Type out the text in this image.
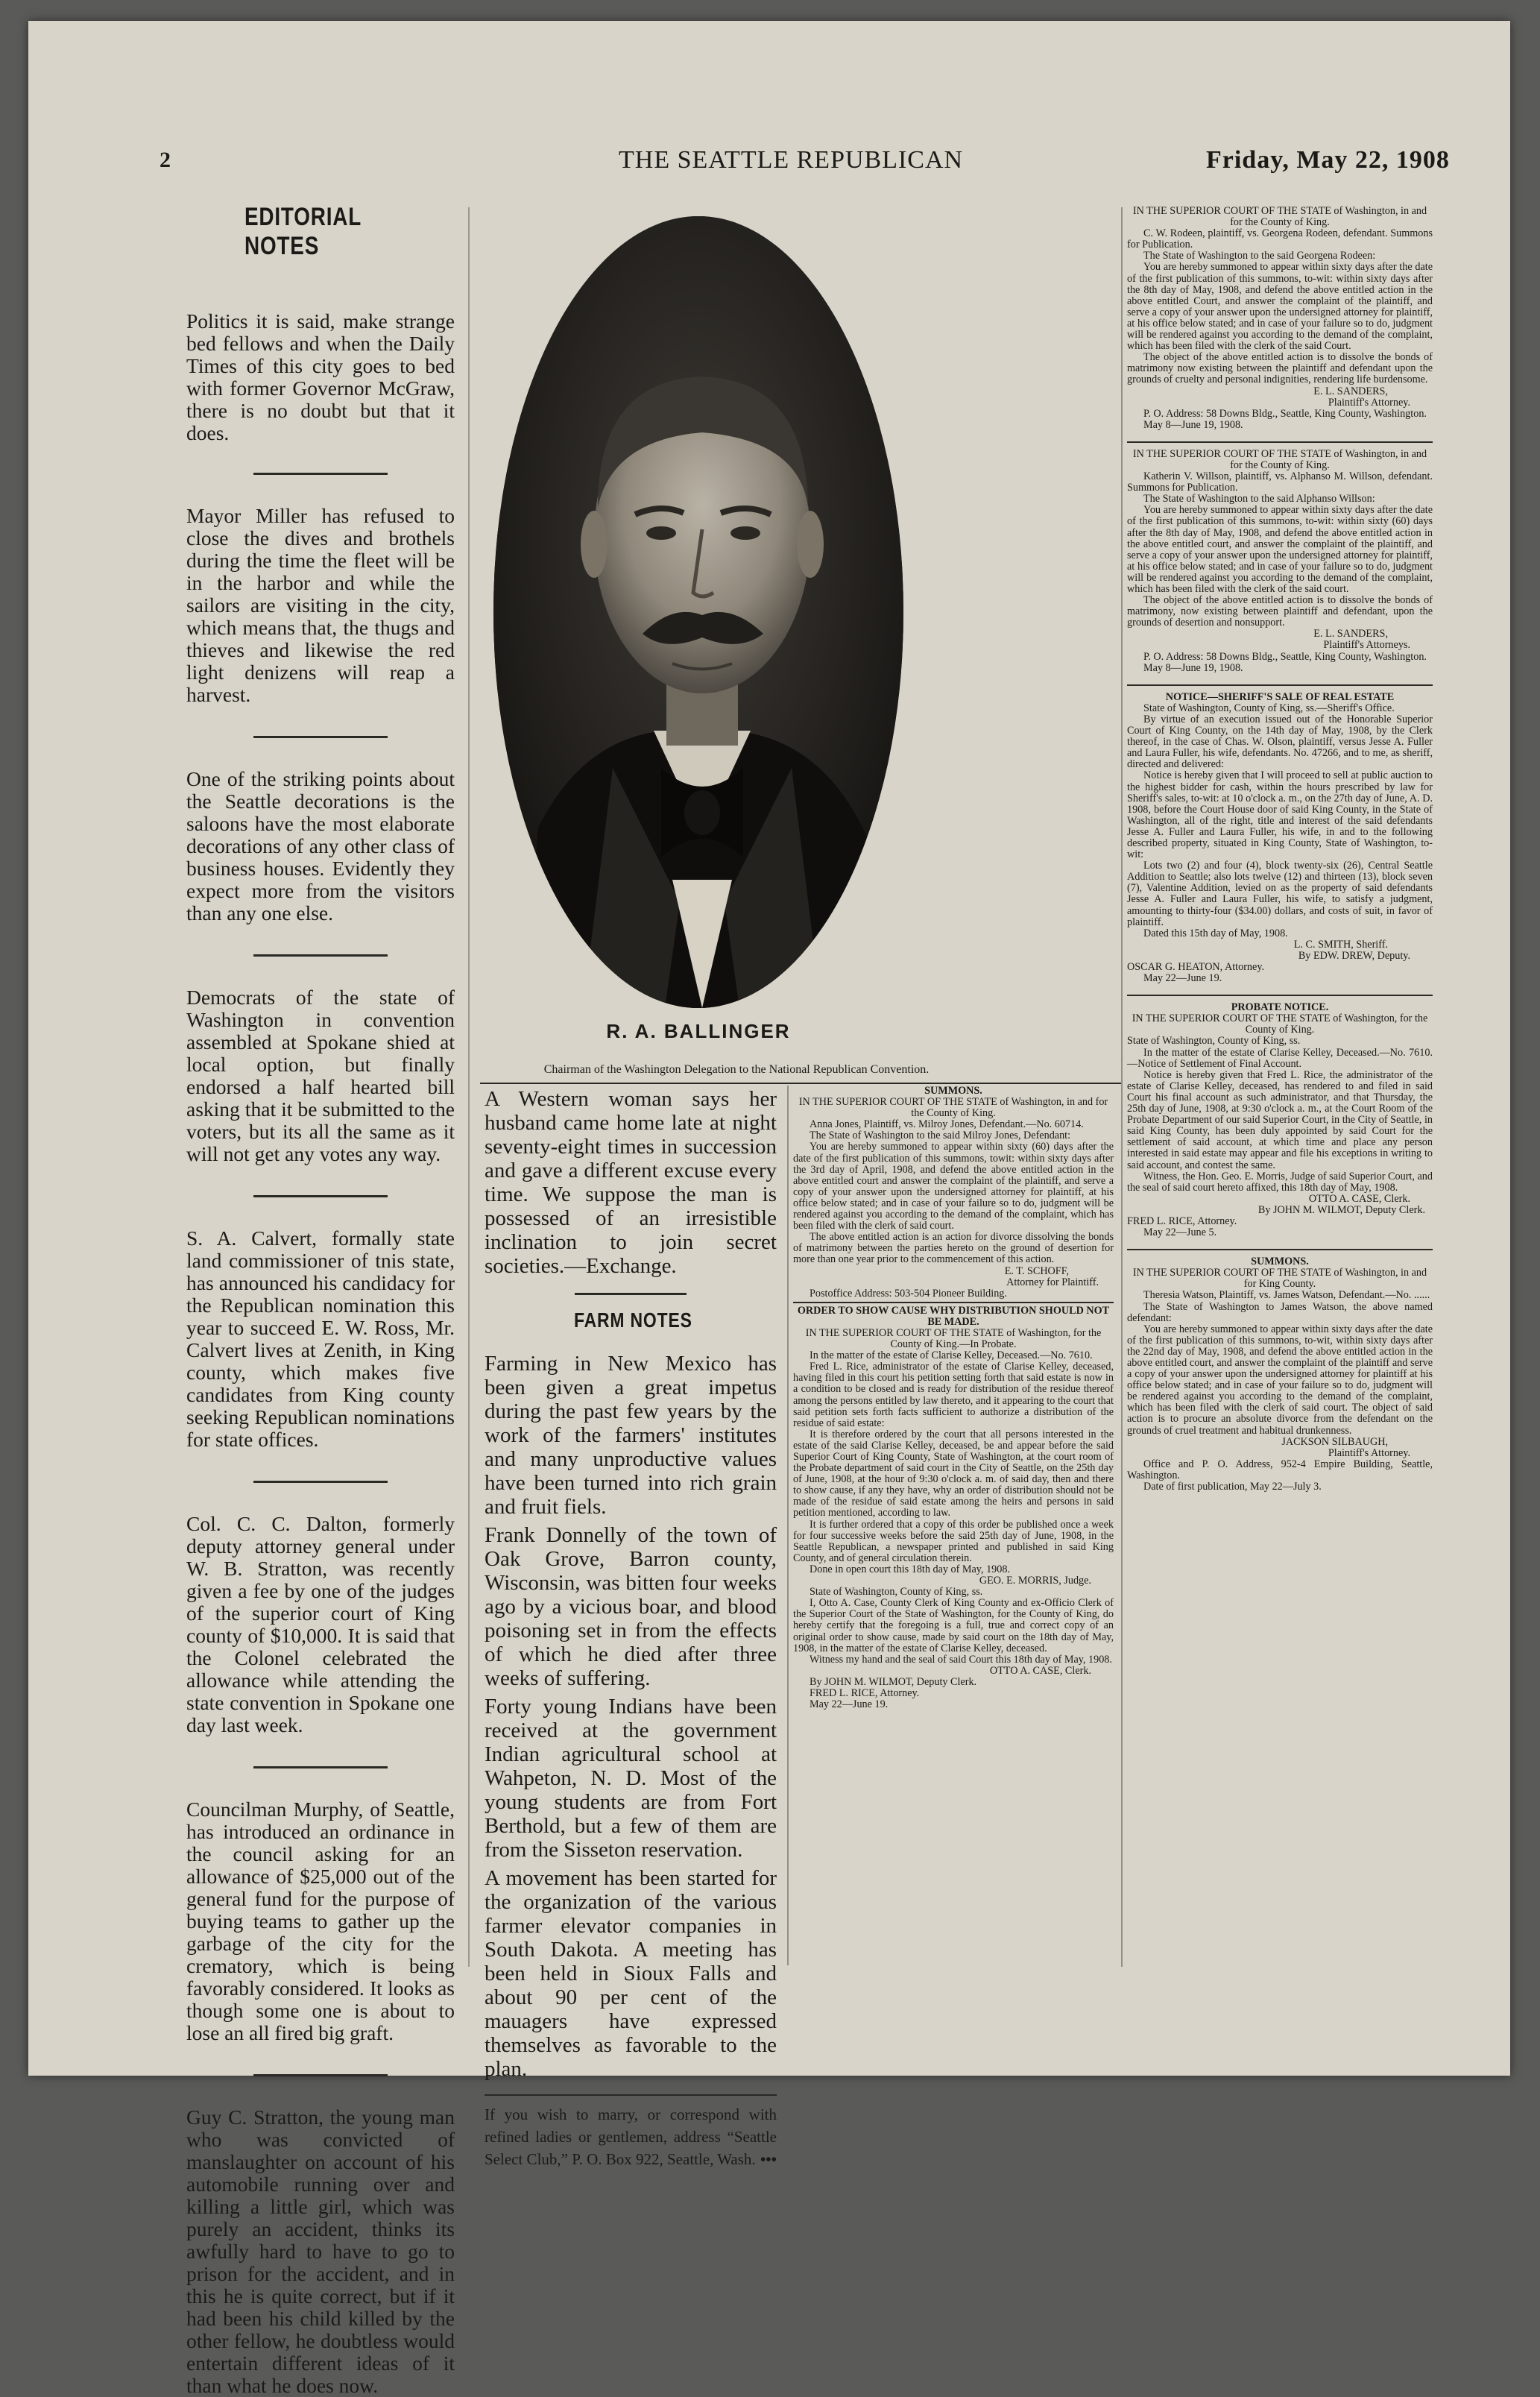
2	THE SEATTLE REPUBLICAN	Friday, May 22, 1908
EDITORIAL NOTES
Politics it is said, make strange bed fellows and when the Daily Times of this city goes to bed with former Governor McGraw, there is no doubt but that it does.
Mayor Miller has refused to close the dives and brothels during the time the fleet will be in the harbor and while the sailors are visiting in the city, which means that, the thugs and thieves and likewise the red light denizens will reap a harvest.
One of the striking points about the Seattle decorations is the saloons have the most elaborate decorations of any other class of business houses. Evidently they expect more from the visitors than any one else.
Democrats of the state of Washington in convention assembled at Spokane shied at local option, but finally endorsed a half hearted bill asking that it be submitted to the voters, but its all the same as it will not get any votes any way.
S. A. Calvert, formally state land commissioner of tnis state, has announced his candidacy for the Republican nomination this year to succeed E. W. Ross, Mr. Calvert lives at Zenith, in King county, which makes five candidates from King county seeking Republican nominations for state offices.
Col. C. C. Dalton, formerly deputy attorney general under W. B. Stratton, was recently given a fee by one of the judges of the superior court of King county of $10,000. It is said that the Colonel celebrated the allowance while attending the state convention in Spokane one day last week.
Councilman Murphy, of Seattle, has introduced an ordinance in the council asking for an allowance of $25,000 out of the general fund for the purpose of buying teams to gather up the garbage of the city for the crematory, which is being favorably considered. It looks as though some one is about to lose an all fired big graft.
Guy C. Stratton, the young man who was convicted of manslaughter on account of his automobile running over and killing a little girl, which was purely an accident, thinks its awfully hard to have to go to prison for the accident, and in this he is quite correct, but if it had been his child killed by the other fellow, he doubtless would entertain different ideas of it than what he does now.
R. A. BALLINGER
Chairman of the Washington Delegation to the National Republican Convention.
A Western woman says her husband came home late at night seventy-eight times in succession and gave a different excuse every time. We suppose the man is possessed of an irresistible inclination to join secret societies.—Exchange.
FARM NOTES
Farming in New Mexico has been given a great impetus during the past few years by the work of the farmers' institutes and many unproductive values have been turned into rich grain and fruit fiels.
Frank Donnelly of the town of Oak Grove, Barron county, Wisconsin, was bitten four weeks ago by a vicious boar, and blood poisoning set in from the effects of which he died after three weeks of suffering.
Forty young Indians have been received at the government Indian agricultural school at Wahpeton, N. D. Most of the young students are from Fort Berthold, but a few of them are from the Sisseton reservation.
A movement has been started for the organization of the various farmer elevator companies in South Dakota. A meeting has been held in Sioux Falls and about 90 per cent of the mauagers have expressed themselves as favorable to the plan.
If you wish to marry, or correspond with refined ladies or gentlemen, address “Seattle Select Club,” P. O. Box 922, Seattle, Wash. •••
SUMMONS.
IN THE SUPERIOR COURT OF THE STATE of Washington, in and for the County of King.

Anna Jones, Plaintiff, vs. Milroy Jones, Defendant.—No. 60714.

The State of Washington to the said Milroy Jones, Defendant:

You are hereby summoned to appear within sixty (60) days after the date of the first publication of this summons, towit: within sixty days after the 3rd day of April, 1908, and defend the above entitled action in the above entitled court and answer the complaint of the plaintiff, and serve a copy of your answer upon the undersigned attorney for plaintiff, at his office below stated; and in case of your failure so to do, judgment will be rendered against you according to the demand of the complaint, which has been filed with the clerk of said court.

The above entitled action is an action for divorce dissolving the bonds of matrimony between the parties hereto on the ground of desertion for more than one year prior to the commencement of this action.

E. T. SCHOFF,
Attorney for Plaintiff.

Postoffice Address: 503-504 Pioneer Building.

ORDER TO SHOW CAUSE WHY DISTRIBUTION SHOULD NOT BE MADE.
IN THE SUPERIOR COURT OF THE STATE of Washington, for the County of King.—In Probate.

In the matter of the estate of Clarise Kelley, Deceased.—No. 7610.

Fred L. Rice, administrator of the estate of Clarise Kelley, deceased, having filed in this court his petition setting forth that said estate is now in a condition to be closed and is ready for distribution of the residue thereof among the persons entitled by law thereto, and it appearing to the court that said petition sets forth facts sufficient to authorize a distribution of the residue of said estate:

It is therefore ordered by the court that all persons interested in the estate of the said Clarise Kelley, deceased, be and appear before the said Superior Court of King County, State of Washington, at the court room of the Probate department of said court in the City of Seattle, on the 25th day of June, 1908, at the hour of 9:30 o'clock a. m. of said day, then and there to show cause, if any they have, why an order of distribution should not be made of the residue of said estate among the heirs and persons in said petition mentioned, according to law.

It is further ordered that a copy of this order be published once a week for four successive weeks before the said 25th day of June, 1908, in the Seattle Republican, a newspaper printed and published in said King County, and of general circulation therein.

Done in open court this 18th day of May, 1908.

GEO. E. MORRIS, Judge.

State of Washington, County of King, ss.

I, Otto A. Case, County Clerk of King County and ex-Officio Clerk of the Superior Court of the State of Washington, for the County of King, do hereby certify that the foregoing is a full, true and correct copy of an original order to show cause, made by said court on the 18th day of May, 1908, in the matter of the estate of Clarise Kelley, deceased.

Witness my hand and the seal of said Court this 18th day of May, 1908.

OTTO A. CASE, Clerk.

By JOHN M. WILMOT, Deputy Clerk.

FRED L. RICE, Attorney.

May 22—June 19.

IN THE SUPERIOR COURT OF THE STATE of Washington, in and for the County of King.

C. W. Rodeen, plaintiff, vs. Georgena Rodeen, defendant. Summons for Publication.

The State of Washington to the said Georgena Rodeen:

You are hereby summoned to appear within sixty days after the date of the first publication of this summons, to-wit: within sixty days after the 8th day of May, 1908, and defend the above entitled action in the above entitled Court, and answer the complaint of the plaintiff, and serve a copy of your answer upon the undersigned attorney for plaintiff, at his office below stated; and in case of your failure so to do, judgment will be rendered against you according to the demand of the complaint, which has been filed with the clerk of the said Court.

The object of the above entitled action is to dissolve the bonds of matrimony now existing between the plaintiff and defendant upon the grounds of cruelty and personal indignities, rendering life burdensome.

E. L. SANDERS,
Plaintiff's Attorney.

P. O. Address: 58 Downs Bldg., Seattle, King County, Washington.

May 8—June 19, 1908.

IN THE SUPERIOR COURT OF THE STATE of Washington, in and for the County of King.

Katherin V. Willson, plaintiff, vs. Alphanso M. Willson, defendant. Summons for Publication.

The State of Washington to the said Alphanso Willson:

You are hereby summoned to appear within sixty days after the date of the first publication of this summons, to-wit: within sixty (60) days after the 8th day of May, 1908, and defend the above entitled action in the above entitled court, and answer the complaint of the plaintiff, and serve a copy of your answer upon the undersigned attorney for plaintiff, at his office below stated; and in case of your failure so to do, judgment will be rendered against you according to the demand of the complaint, which has been filed with the clerk of the said court.

The object of the above entitled action is to dissolve the bonds of matrimony, now existing between plaintiff and defendant, upon the grounds of desertion and nonsupport.

E. L. SANDERS,
Plaintiff's Attorneys.

P. O. Address: 58 Downs Bldg., Seattle, King County, Washington.

May 8—June 19, 1908.

NOTICE—SHERIFF'S SALE OF REAL ESTATE

State of Washington, County of King, ss.—Sheriff's Office.

By virtue of an execution issued out of the Honorable Superior Court of King County, on the 14th day of May, 1908, by the Clerk thereof, in the case of Chas. W. Olson, plaintiff, versus Jesse A. Fuller and Laura Fuller, his wife, defendants. No. 47266, and to me, as sheriff, directed and delivered:

Notice is hereby given that I will proceed to sell at public auction to the highest bidder for cash, within the hours prescribed by law for Sheriff's sales, to-wit: at 10 o'clock a. m., on the 27th day of June, A. D. 1908, before the Court House door of said King County, in the State of Washington, all of the right, title and interest of the said defendants Jesse A. Fuller and Laura Fuller, his wife, in and to the following described property, situated in King County, State of Washington, to-wit:

Lots two (2) and four (4), block twenty-six (26), Central Seattle Addition to Seattle; also lots twelve (12) and thirteen (13), block seven (7), Valentine Addition, levied on as the property of said defendants Jesse A. Fuller and Laura Fuller, his wife, to satisfy a judgment, amounting to thirty-four ($34.00) dollars, and costs of suit, in favor of plaintiff.

Dated this 15th day of May, 1908.

L. C. SMITH, Sheriff.
By EDW. DREW, Deputy.

OSCAR G. HEATON, Attorney.

May 22—June 19.

PROBATE NOTICE.
IN THE SUPERIOR COURT OF THE STATE of Washington, for the County of King.

State of Washington, County of King, ss.

In the matter of the estate of Clarise Kelley, Deceased.—No. 7610.—Notice of Settlement of Final Account.

Notice is hereby given that Fred L. Rice, the administrator of the estate of Clarise Kelley, deceased, has rendered to and filed in said Court his final account as such administrator, and that Thursday, the 25th day of June, 1908, at 9:30 o'clock a. m., at the Court Room of the Probate Department of our said Superior Court, in the City of Seattle, in said King County, has been duly appointed by said Court for the settlement of said account, at which time and place any person interested in said estate may appear and file his exceptions in writing to said account, and contest the same.

Witness, the Hon. Geo. E. Morris, Judge of said Superior Court, and the seal of said court hereto affixed, this 18th day of May, 1908.

OTTO A. CASE, Clerk.
By JOHN M. WILMOT, Deputy Clerk.

FRED L. RICE, Attorney.

May 22—June 5.

SUMMONS.
IN THE SUPERIOR COURT OF THE STATE of Washington, in and for King County.

Theresia Watson, Plaintiff, vs. James Watson, Defendant.—No. ......

The State of Washington to James Watson, the above named defendant:

You are hereby summoned to appear within sixty days after the date of the first publication of this summons, to-wit, within sixty days after the 22nd day of May, 1908, and defend the above entitled action in the above entitled court, and answer the complaint of the plaintiff and serve a copy of your answer upon the undersigned attorney for plaintiff at his office below stated; and in case of your failure so to do, judgment will be rendered against you according to the demand of the complaint, which has been filed with the clerk of said court. The object of said action is to procure an absolute divorce from the defendant on the grounds of cruel treatment and habitual drunkenness.

JACKSON SILBAUGH,
Plaintiff's Attorney.

Office and P. O. Address, 952-4 Empire Building, Seattle, Washington.

Date of first publication, May 22—July 3.
